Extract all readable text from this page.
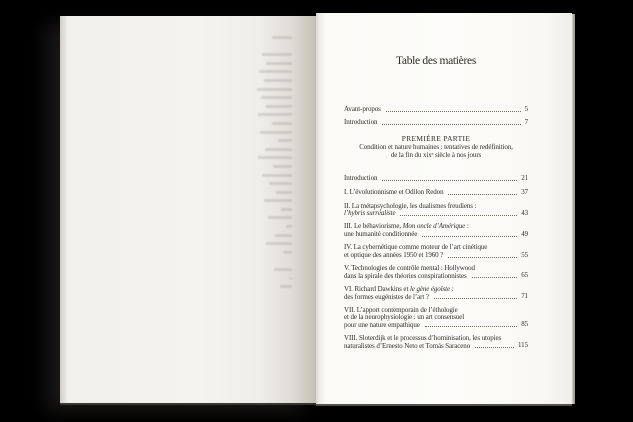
Table des matières
Avant-propos	5
Introduction	7
PREMIÈRE PARTIE
Condition et nature humaines : tentatives de redéfinition,
de la fin du xixᵉ siècle à nos jours
Introduction	21
I. L’évolutionnisme et Odilon Redon	37
II. La métapsychologie, les dualismes freudiens :
l’hybris surréaliste	43
III. Le béhaviorisme, Mon oncle d’Amérique :
une humanité conditionnée	49
IV. La cybernétique comme moteur de l’art cinétique
et optique des années 1950 et 1960 ?	55
V. Technologies de contrôle mental : Hollywood
dans la spirale des théories conspirationnistes	65
VI. Richard Dawkins et le gène égoïste :
des formes eugénistes de l’art ?	71
VII. L’apport contemporain de l’éthologie
et de la neurophysiologie : un art consensuel
pour une nature empathique	85
VIII. Sloterdijk et le processus d’hominisation, les utopies
naturalistes d’Ernesto Neto et Tomás Saraceno	115
